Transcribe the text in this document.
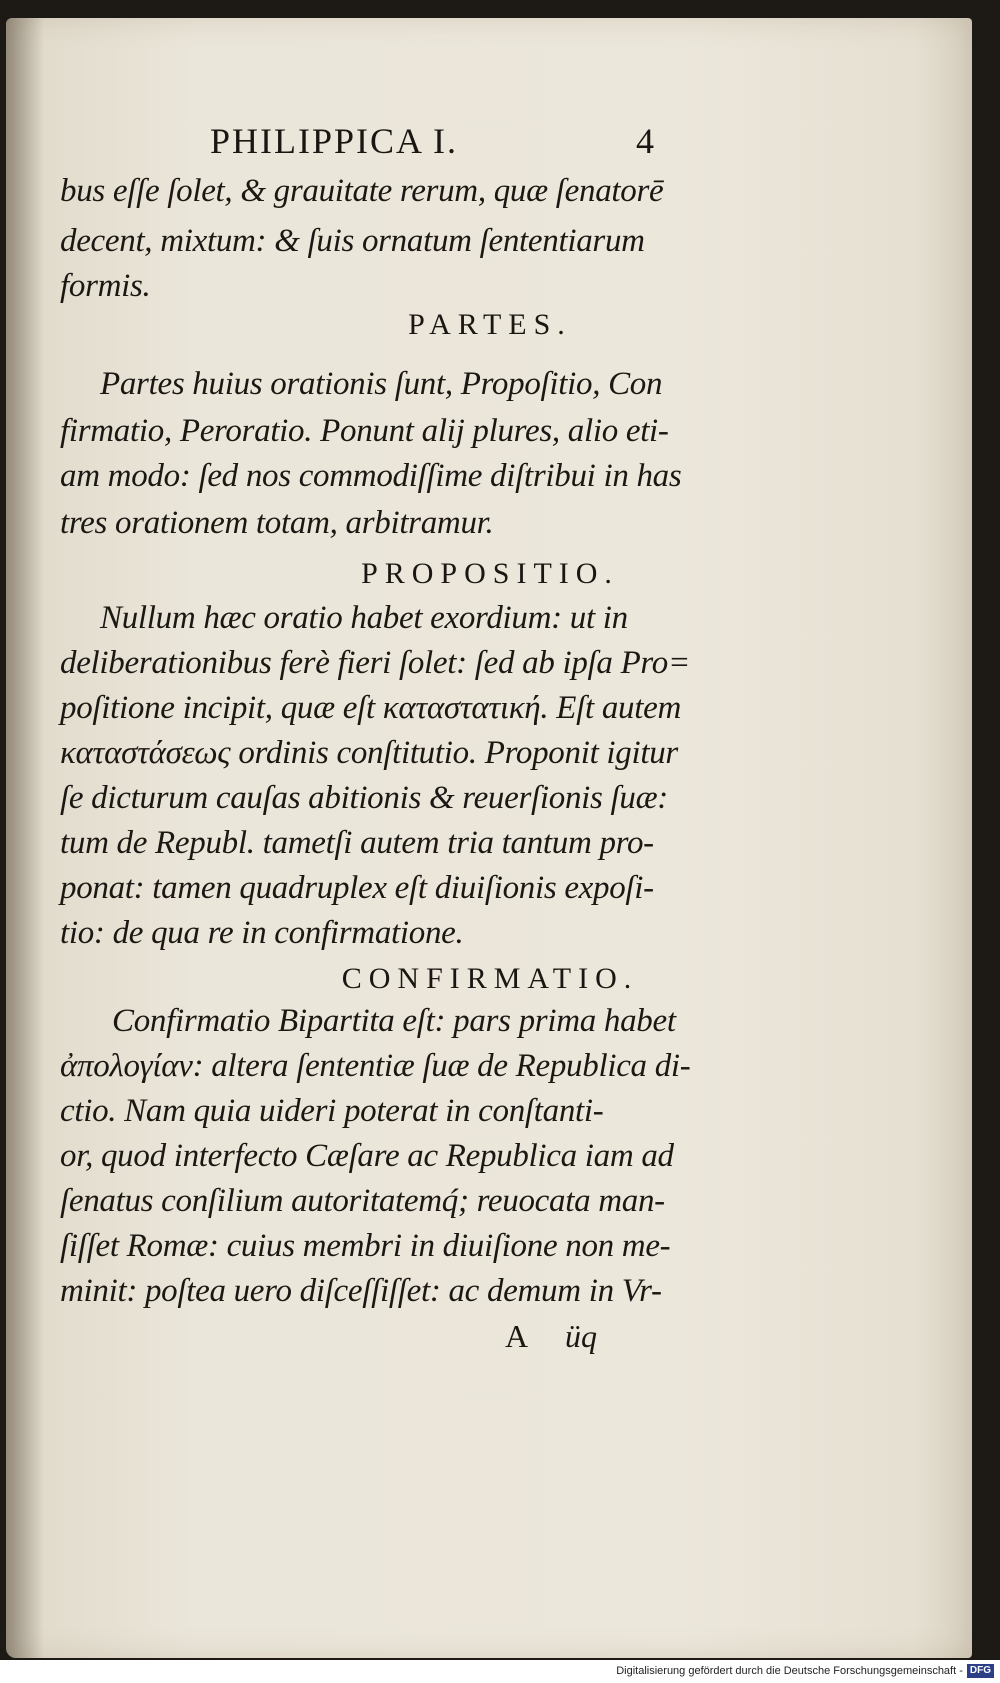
PHILIPPICA I.	4
bus eſſe ſolet, & grauitate rerum, quæ ſenatorē
decent, mixtum: & ſuis ornatum ſententiarum
formis.
PARTES.
Partes huius orationis ſunt, Propoſitio, Con
firmatio, Peroratio. Ponunt alij plures, alio eti-
am modo: ſed nos commodiſſime diſtribui in has
tres orationem totam, arbitramur.
PROPOSITIO.
Nullum hæc oratio habet exordium: ut in
deliberationibus ferè fieri ſolet: ſed ab ipſa Pro=
poſitione incipit, quæ eſt καταστατική. Eſt autem
καταστάσεως ordinis conſtitutio. Proponit igitur
ſe dicturum cauſas abitionis & reuerſionis ſuæ:
tum de Republ. tametſi autem tria tantum pro-
ponat: tamen quadruplex eſt diuiſionis expoſi-
tio: de qua re in confirmatione.
CONFIRMATIO.
Confirmatio Bipartita eſt: pars prima habet
ἀπολογίαν: altera ſententiæ ſuæ de Republica di-
ctio. Nam quia uideri poterat in conſtanti-
or, quod interfecto Cæſare ac Republica iam ad
ſenatus conſilium autoritatemq́; reuocata man-
ſiſſet Romæ: cuius membri in diuiſione non me-
minit: poſtea uero diſceſſiſſet: ac demum in Vr-
A üq
Digitalisierung gefördert durch die Deutsche Forschungsgemeinschaft - DFG
